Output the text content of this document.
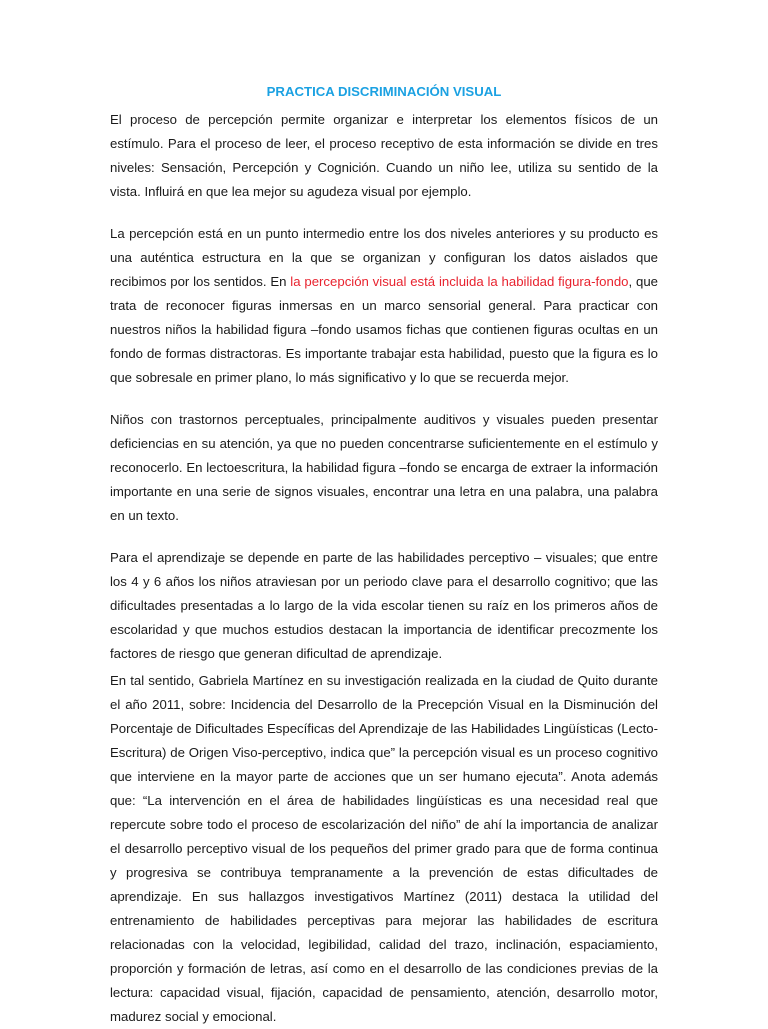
PRACTICA DISCRIMINACIÓN VISUAL

El proceso de percepción permite organizar e interpretar los elementos físicos de un estímulo. Para el proceso de leer, el proceso receptivo de esta información se divide en tres niveles: Sensación, Percepción y Cognición. Cuando un niño lee, utiliza su sentido de la vista. Influirá en que lea mejor su agudeza visual por ejemplo.

La percepción está en un punto intermedio entre los dos niveles anteriores y su producto es una auténtica estructura en la que se organizan y configuran los datos aislados que recibimos por los sentidos. En la percepción visual está incluida la habilidad figura-fondo, que trata de reconocer figuras inmersas en un marco sensorial general. Para practicar con nuestros niños la habilidad figura –fondo usamos fichas que contienen figuras ocultas en un fondo de formas distractoras. Es importante trabajar esta habilidad, puesto que la figura es lo que sobresale en primer plano, lo más significativo y lo que se recuerda mejor.

Niños con trastornos perceptuales, principalmente auditivos y visuales pueden presentar deficiencias en su atención, ya que no pueden concentrarse suficientemente en el estímulo y reconocerlo. En lectoescritura, la habilidad figura –fondo se encarga de extraer la información importante en una serie de signos visuales, encontrar una letra en una palabra, una palabra en un texto.

Para el aprendizaje se depende en parte de las habilidades perceptivo – visuales; que entre los 4 y 6 años los niños atraviesan por un periodo clave para el desarrollo cognitivo; que las dificultades presentadas a lo largo de la vida escolar tienen su raíz en los primeros años de escolaridad y que muchos estudios destacan la importancia de identificar precozmente los factores de riesgo que generan dificultad de aprendizaje.

En tal sentido, Gabriela Martínez en su investigación realizada en la ciudad de Quito durante el año 2011, sobre: Incidencia del Desarrollo de la Precepción Visual en la Disminución del Porcentaje de Dificultades Específicas del Aprendizaje de las Habilidades Lingüísticas (Lecto-Escritura) de Origen Viso-perceptivo, indica que” la percepción visual es un proceso cognitivo que interviene en la mayor parte de acciones que un ser humano ejecuta”. Anota además que: “La intervención en el área de habilidades lingüísticas es una necesidad real que repercute sobre todo el proceso de escolarización del niño” de ahí la importancia de analizar el desarrollo perceptivo visual de los pequeños del primer grado para que de forma continua y progresiva se contribuya tempranamente a la prevención de estas dificultades de aprendizaje. En sus hallazgos investigativos Martínez (2011) destaca la utilidad del entrenamiento de habilidades perceptivas para mejorar las habilidades de escritura relacionadas con la velocidad, legibilidad, calidad del trazo, inclinación, espaciamiento, proporción y formación de letras, así como en el desarrollo de las condiciones previas de la lectura: capacidad visual, fijación, capacidad de pensamiento, atención, desarrollo motor, madurez social y emocional.
